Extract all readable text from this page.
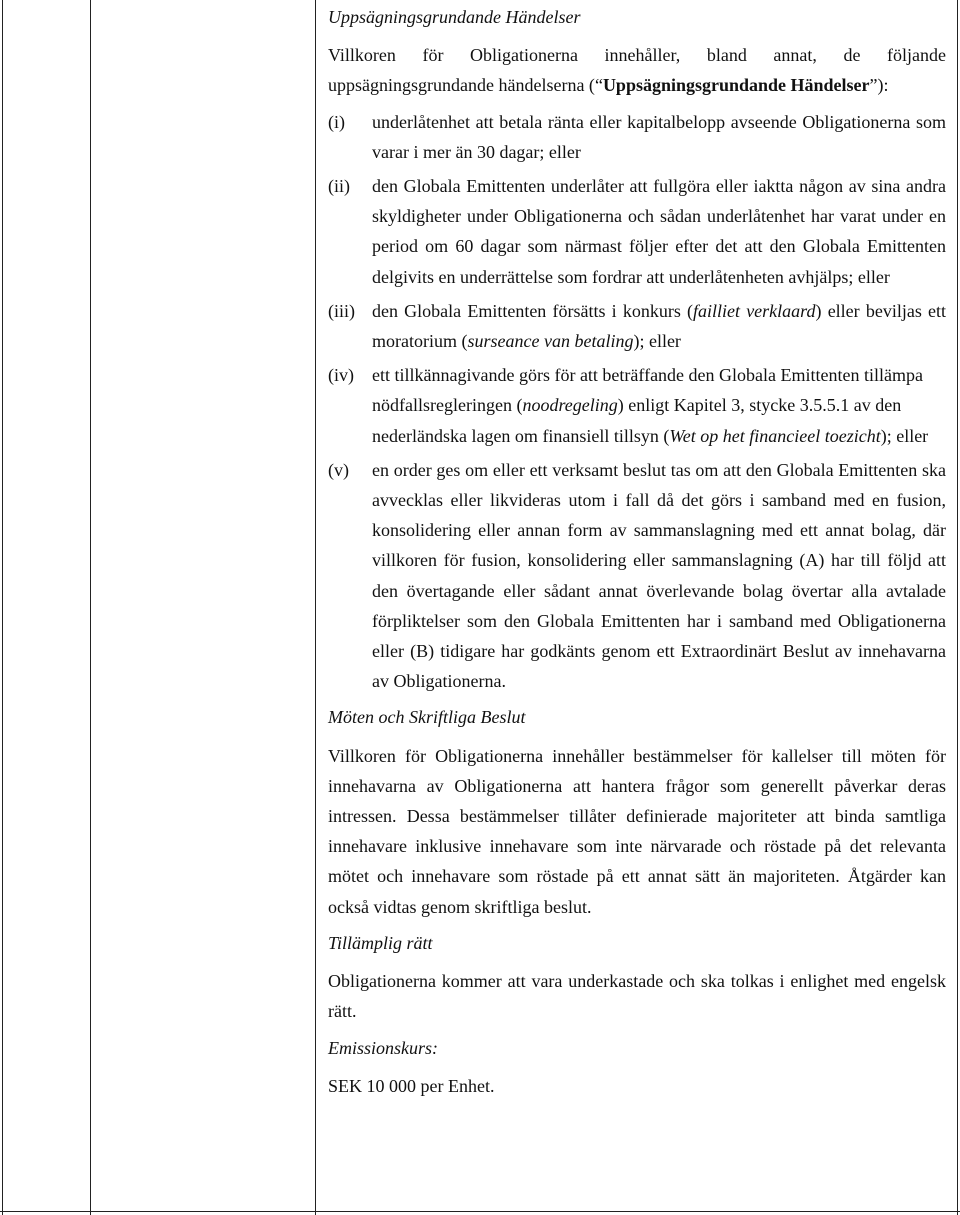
Uppsägningsgrundande Händelser
Villkoren för Obligationerna innehåller, bland annat, de följande uppsägningsgrundande händelserna (“Uppsägningsgrundande Händelser”):
(i)	underlåtenhet att betala ränta eller kapitalbelopp avseende Obligationerna som varar i mer än 30 dagar; eller
(ii)	den Globala Emittenten underlåter att fullgöra eller iaktta någon av sina andra skyldigheter under Obligationerna och sådan underlåtenhet har varat under en period om 60 dagar som närmast följer efter det att den Globala Emittenten delgivits en underrättelse som fordrar att underlåtenheten avhjälps; eller
(iii) den Globala Emittenten försätts i konkurs (failliet verklaard) eller beviljas ett moratorium (surseance van betaling); eller
(iv)	ett tillkännagivande görs för att beträffande den Globala Emittenten tillämpa nödfallsregleringen (noodregeling) enligt Kapitel 3, stycke 3.5.5.1 av den nederländska lagen om finansiell tillsyn (Wet op het financieel toezicht); eller
(v)	en order ges om eller ett verksamt beslut tas om att den Globala Emittenten ska avvecklas eller likvideras utom i fall då det görs i samband med en fusion, konsolidering eller annan form av sammanslagning med ett annat bolag, där villkoren för fusion, konsolidering eller sammanslagning (A) har till följd att den övertagande eller sådant annat överlevande bolag övertar alla avtalade förpliktelser som den Globala Emittenten har i samband med Obligationerna eller (B) tidigare har godkänts genom ett Extraordinärt Beslut av innehavarna av Obligationerna.
Möten och Skriftliga Beslut
Villkoren för Obligationerna innehåller bestämmelser för kallelser till möten för innehavarna av Obligationerna att hantera frågor som generellt påverkar deras intressen. Dessa bestämmelser tillåter definierade majoriteter att binda samtliga innehavare inklusive innehavare som inte närvarade och röstade på det relevanta mötet och innehavare som röstade på ett annat sätt än majoriteten. Åtgärder kan också vidtas genom skriftliga beslut.
Tillämplig rätt
Obligationerna kommer att vara underkastade och ska tolkas i enlighet med engelsk rätt.
Emissionskurs:
SEK 10 000 per Enhet.
